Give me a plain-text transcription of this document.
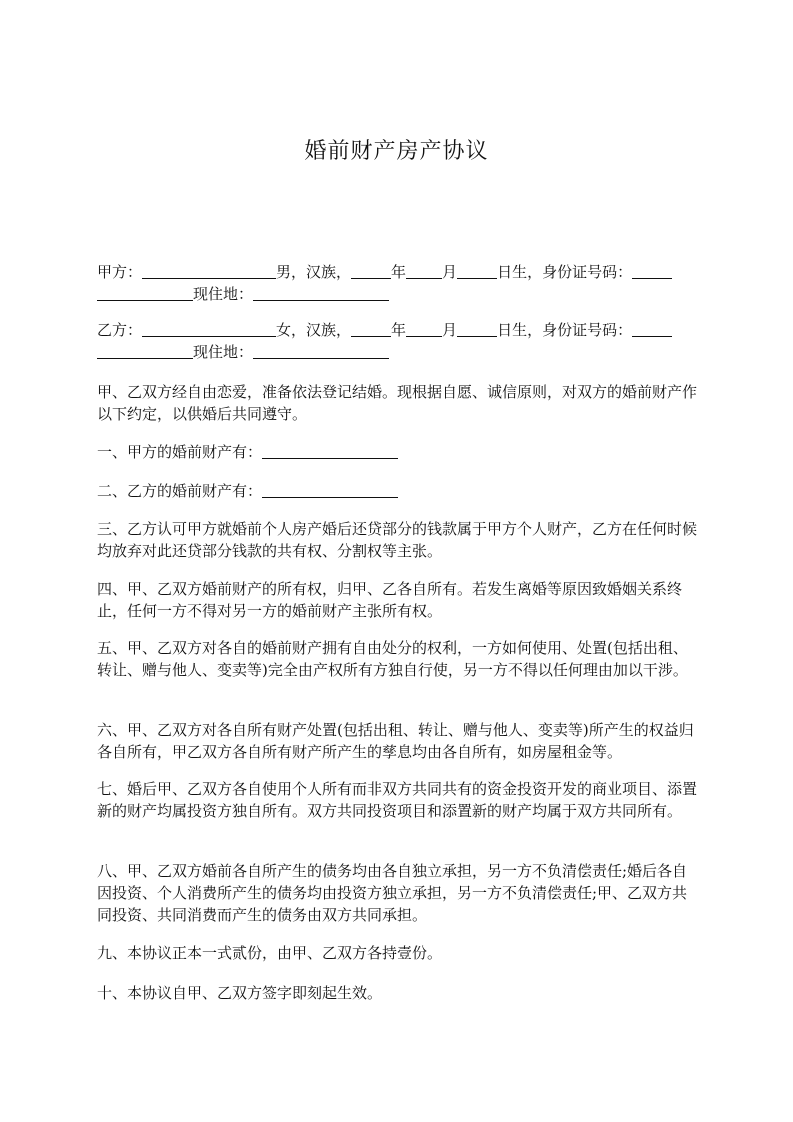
婚前财产房产协议

甲方：	男，汉族，	年 月	日生，身份证号码：
现住地：

乙方：	女，汉族，	年 月	日生，身份证号码：
现住地：

甲、乙双方经自由恋爱，准备依法登记结婚。现根据自愿、诚信原则，对双方的婚前财产作以下约定，以供婚后共同遵守。

一、甲方的婚前财产有：

二、乙方的婚前财产有：

三、乙方认可甲方就婚前个人房产婚后还贷部分的钱款属于甲方个人财产，乙方在任何时候均放弃对此还贷部分钱款的共有权、分割权等主张。

四、甲、乙双方婚前财产的所有权，归甲、乙各自所有。若发生离婚等原因致婚姻关系终止，任何一方不得对另一方的婚前财产主张所有权。

五、甲、乙双方对各自的婚前财产拥有自由处分的权利，一方如何使用、处置(包括出租、转让、赠与他人、变卖等)完全由产权所有方独自行使，另一方不得以任何理由加以干涉。

六、甲、乙双方对各自所有财产处置(包括出租、转让、赠与他人、变卖等)所产生的权益归各自所有，甲乙双方各自所有财产所产生的孳息均由各自所有，如房屋租金等。

七、婚后甲、乙双方各自使用个人所有而非双方共同共有的资金投资开发的商业项目、添置新的财产均属投资方独自所有。双方共同投资项目和添置新的财产均属于双方共同所有。

八、甲、乙双方婚前各自所产生的债务均由各自独立承担，另一方不负清偿责任;婚后各自因投资、个人消费所产生的债务均由投资方独立承担，另一方不负清偿责任;甲、乙双方共同投资、共同消费而产生的债务由双方共同承担。

九、本协议正本一式贰份，由甲、乙双方各持壹份。

十、本协议自甲、乙双方签字即刻起生效。
